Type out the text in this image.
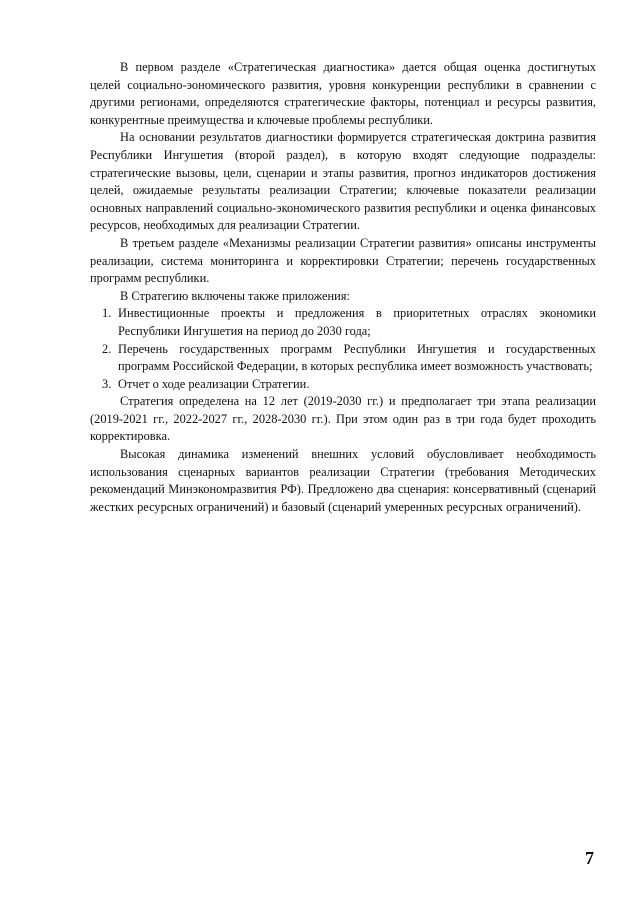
В первом разделе «Стратегическая диагностика» дается общая оценка достигнутых целей социально-эономического развития, уровня конкуренции республики в сравнении с другими регионами, определяются стратегические факторы, потенциал и ресурсы развития, конкурентные преимущества и ключевые проблемы республики.

На основании результатов диагностики формируется стратегическая доктрина развития Республики Ингушетия (второй раздел), в которую входят следующие подразделы: стратегические вызовы, цели, сценарии и этапы развития, прогноз индикаторов достижения целей, ожидаемые результаты реализации Стратегии; ключевые показатели реализации основных направлений социально-экономического развития республики и оценка финансовых ресурсов, необходимых для реализации Стратегии.

В третьем разделе «Механизмы реализации Стратегии развития» описаны инструменты реализации, система мониторинга и корректировки Стратегии; перечень государственных программ республики.

В Стратегию включены также приложения:

1. Инвестиционные проекты и предложения в приоритетных отраслях экономики Республики Ингушетия на период до 2030 года;
2. Перечень государственных программ Республики Ингушетия и государственных программ Российской Федерации, в которых республика имеет возможность участвовать;
3. Отчет о ходе реализации Стратегии.

Стратегия определена на 12 лет (2019-2030 гг.) и предполагает три этапа реализации (2019-2021 гг., 2022-2027 гг., 2028-2030 гг.). При этом один раз в три года будет проходить корректировка.

Высокая динамика изменений внешних условий обусловливает необходимость использования сценарных вариантов реализации Стратегии (требования Методических рекомендаций Минэкономразвития РФ). Предложено два сценария: консервативный (сценарий жестких ресурсных ограничений) и базовый (сценарий умеренных ресурсных ограничений).

7
